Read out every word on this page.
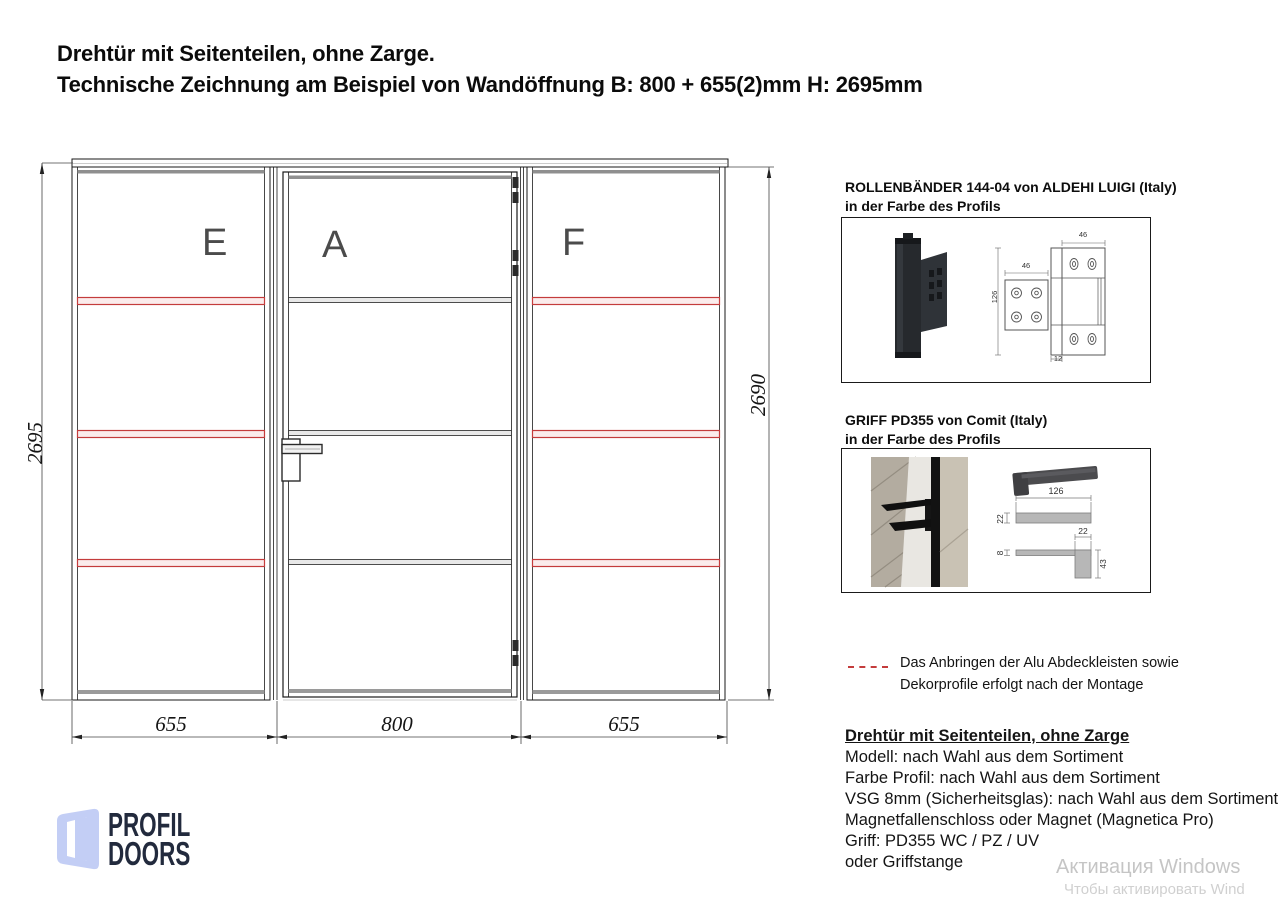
Drehtür mit Seitenteilen, ohne Zarge.
Technische Zeichnung am Beispiel von Wandöffnung B: 800 + 655(2)mm H: 2695mm
E A	F
2695
2690
655	800	655
ROLLENBÄNDER 144-04 von ALDEHI LUIGI (Italy)
in der Farbe des Profils
46
46
126
12
GRIFF PD355 von Comit (Italy)
in der Farbe des Profils
126
22
22
8
43
Das Anbringen der Alu Abdeckleisten sowie
Dekorprofile erfolgt nach der Montage
Drehtür mit Seitenteilen, ohne Zarge
Modell: nach Wahl aus dem Sortiment
Farbe Profil: nach Wahl aus dem Sortiment
VSG 8mm (Sicherheitsglas): nach Wahl aus dem Sortiment
Magnetfallenschloss oder Magnet (Magnetica Pro)
Griff: PD355 WC / PZ / UV
oder Griffstange
PROFIL
DOORS	Активация Windows
Чтобы активировать Wind
